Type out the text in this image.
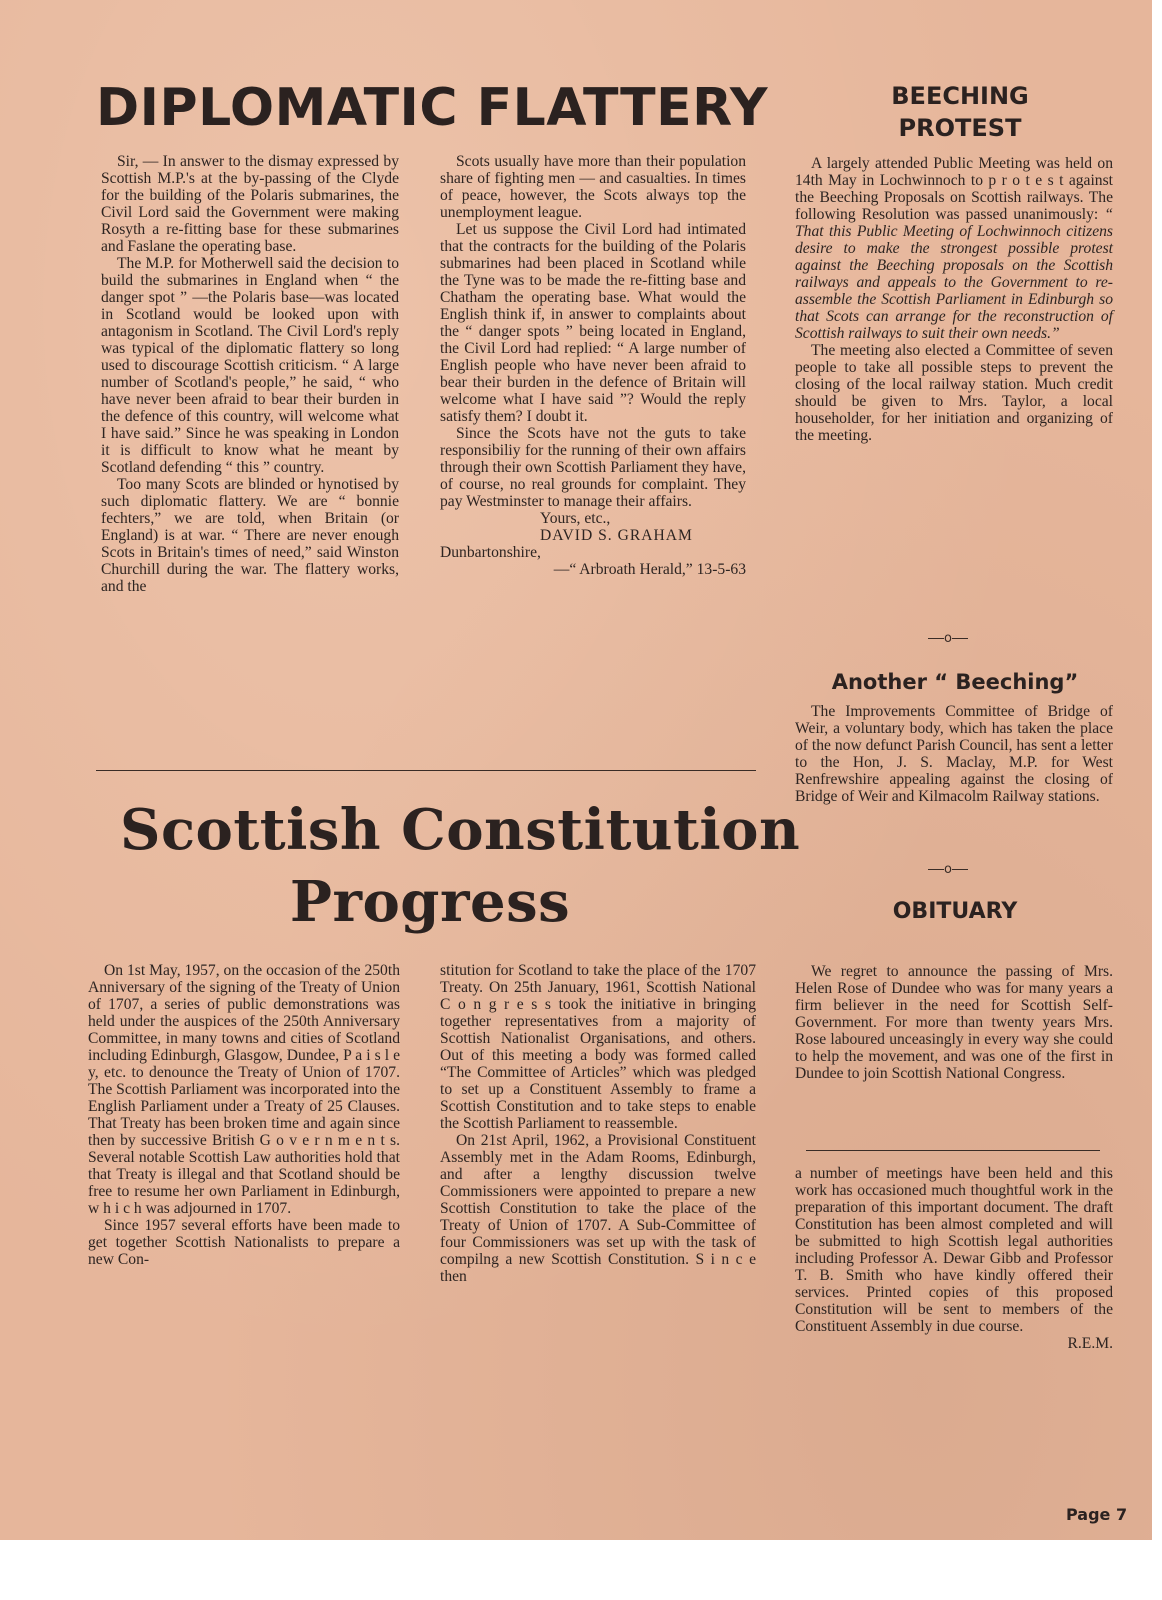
DIPLOMATIC FLATTERY

Sir, — In answer to the dismay expressed by Scottish M.P.'s at the by-passing of the Clyde for the building of the Polaris submarines, the Civil Lord said the Government were making Rosyth a re-fitting base for these submarines and Faslane the operating base.

The M.P. for Motherwell said the decision to build the submarines in England when “ the danger spot ” —the Polaris base—was located in Scotland would be looked upon with antagonism in Scotland. The Civil Lord's reply was typical of the diplomatic flattery so long used to discourage Scottish criticism. “ A large number of Scotland's people,” he said, “ who have never been afraid to bear their burden in the defence of this country, will welcome what I have said.” Since he was speaking in London it is difficult to know what he meant by Scotland defending “ this ” country.

Too many Scots are blinded or hynotised by such diplomatic flattery. We are “ bonnie fechters,” we are told, when Britain (or England) is at war. “ There are never enough Scots in Britain's times of need,” said Winston Churchill during the war. The flattery works, and the

Scots usually have more than their population share of fighting men — and casualties. In times of peace, however, the Scots always top the unemployment league.

Let us suppose the Civil Lord had intimated that the contracts for the building of the Polaris submarines had been placed in Scotland while the Tyne was to be made the re-fitting base and Chatham the operating base. What would the English think if, in answer to complaints about the “ danger spots ” being located in England, the Civil Lord had replied: “ A large number of English people who have never been afraid to bear their burden in the defence of Britain will welcome what I have said ”? Would the reply satisfy them? I doubt it.

Since the Scots have not the guts to take responsibiliy for the running of their own affairs through their own Scottish Parliament they have, of course, no real grounds for complaint. They pay Westminster to manage their affairs.

Yours, etc.,

DAVID S. GRAHAM

Dunbartonshire,

—“ Arbroath Herald,” 13-5-63

BEECHING
PROTEST

A largely attended Public Meeting was held on 14th May in Lochwinnoch to p r o t e s t against the Beeching Proposals on Scottish railways. The following Resolution was passed unanimously: “ That this Public Meeting of Lochwinnoch citizens desire to make the strongest possible protest against the Beeching proposals on the Scottish railways and appeals to the Government to re-assemble the Scottish Parliament in Edinburgh so that Scots can arrange for the reconstruction of Scottish railways to suit their own needs.”

The meeting also elected a Committee of seven people to take all possible steps to prevent the closing of the local railway station. Much credit should be given to Mrs. Taylor, a local householder, for her initiation and organizing of the meeting.

o
Another “ Beeching”

The Improvements Committee of Bridge of Weir, a voluntary body, which has taken the place of the now defunct Parish Council, has sent a letter to the Hon, J. S. Maclay, M.P. for West Renfrewshire appealing against the closing of Bridge of Weir and Kilmacolm Railway stations.

o
OBITUARY

We regret to announce the passing of Mrs. Helen Rose of Dundee who was for many years a firm believer in the need for Scottish Self-Government. For more than twenty years Mrs. Rose laboured unceasingly in every way she could to help the movement, and was one of the first in Dundee to join Scottish National Congress.

Scottish Constitution
Progress

On 1st May, 1957, on the occasion of the 250th Anniversary of the signing of the Treaty of Union of 1707, a series of public demonstrations was held under the auspices of the 250th Anniversary Committee, in many towns and cities of Scotland including Edinburgh, Glasgow, Dundee, P a i s l e y, etc. to denounce the Treaty of Union of 1707. The Scottish Parliament was incorporated into the English Parliament under a Treaty of 25 Clauses. That Treaty has been broken time and again since then by successive British G o v e r n m e n t s. Several notable Scottish Law authorities hold that that Treaty is illegal and that Scotland should be free to resume her own Parliament in Edinburgh, w h i c h was adjourned in 1707.

Since 1957 several efforts have been made to get together Scottish Nationalists to prepare a new Con-

stitution for Scotland to take the place of the 1707 Treaty. On 25th January, 1961, Scottish National C o n g r e s s took the initiative in bringing together representatives from a majority of Scottish Nationalist Organisations, and others. Out of this meeting a body was formed called “The Committee of Articles” which was pledged to set up a Constituent Assembly to frame a Scottish Constitution and to take steps to enable the Scottish Parliament to reassemble.

On 21st April, 1962, a Provisional Constituent Assembly met in the Adam Rooms, Edinburgh, and after a lengthy discussion twelve Commissioners were appointed to prepare a new Scottish Constitution to take the place of the Treaty of Union of 1707. A Sub-Committee of four Commissioners was set up with the task of compilng a new Scottish Constitution. S i n c e then

a number of meetings have been held and this work has occasioned much thoughtful work in the preparation of this important document. The draft Constitution has been almost completed and will be submitted to high Scottish legal authorities including Professor A. Dewar Gibb and Professor T. B. Smith who have kindly offered their services. Printed copies of this proposed Constitution will be sent to members of the Constituent Assembly in due course.

R.E.M.

Page 7
